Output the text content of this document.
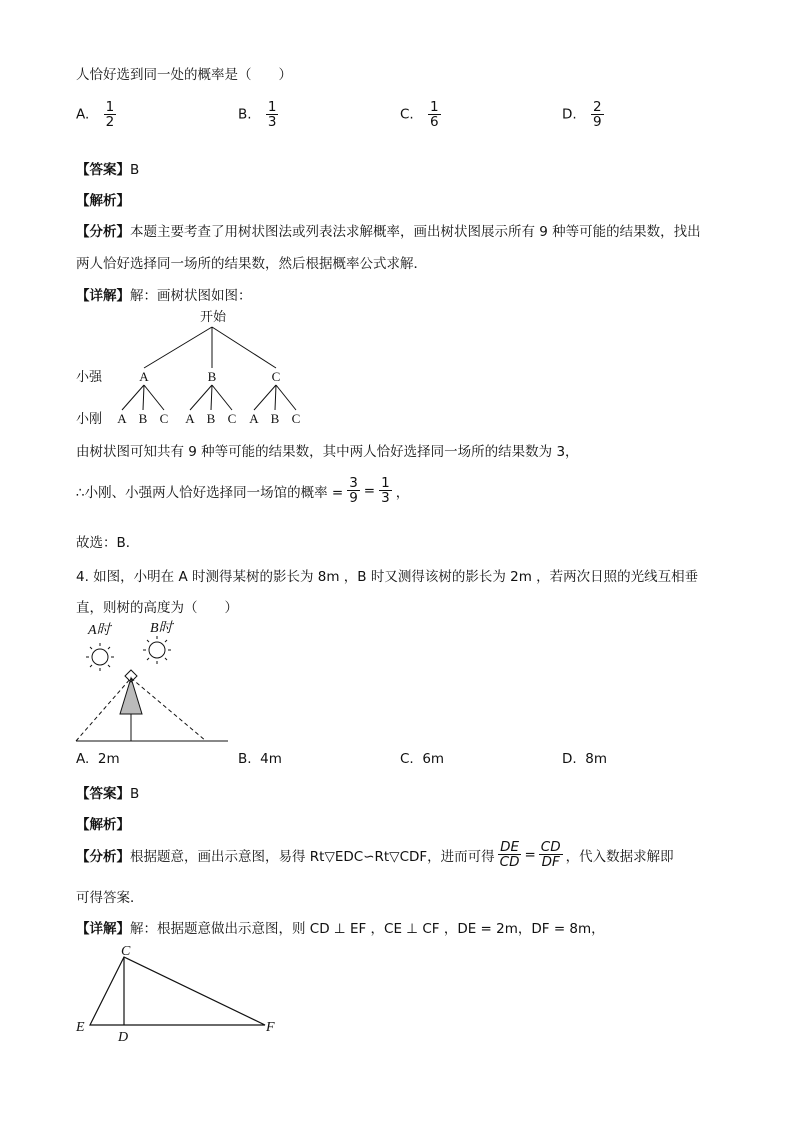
人恰好选到同一处的概率是（　　）
A. $\frac{1}{2}$	B. $\frac{1}{3}$	C. $\frac{1}{6}$	D. $\frac{2}{9}$
【答案】B
【解析】
【分析】本题主要考查了用树状图法或列表法求解概率，画出树状图展示所有 9 种等可能的结果数，找出
两人恰好选择同一场所的结果数，然后根据概率公式求解．
【详解】解：画树状图如图：
开始
小强	A	B	C
小刚 A B C A B C A B C
由树状图可知共有 9 种等可能的结果数，其中两人恰好选择同一场所的结果数为 3，
∴小刚、小强两人恰好选择同一场馆的概率 = $\frac{3}{9} = \frac{1}{3}$ ，
故选：B．
4. 如图，小明在 A 时测得某树的影长为 8m ，B 时又测得该树的影长为 2m ，若两次日照的光线互相垂
直，则树的高度为（　　）
A时	B时
A. 2m	B. 4m	C. 6m	D. 8m
【答案】B
【解析】
【分析】 根据题意，画出示意图，易得 Rt▽EDC∽Rt▽CDF，进而可得 $\frac{DE}{CD} = \frac{CD}{DF}$ ，代入数据求解即
可得答案．
【详解】解：根据题意做出示意图，则 CD ⊥ EF ，CE ⊥ CF ，DE = 2m，DF = 8m，
C
D
E	F
